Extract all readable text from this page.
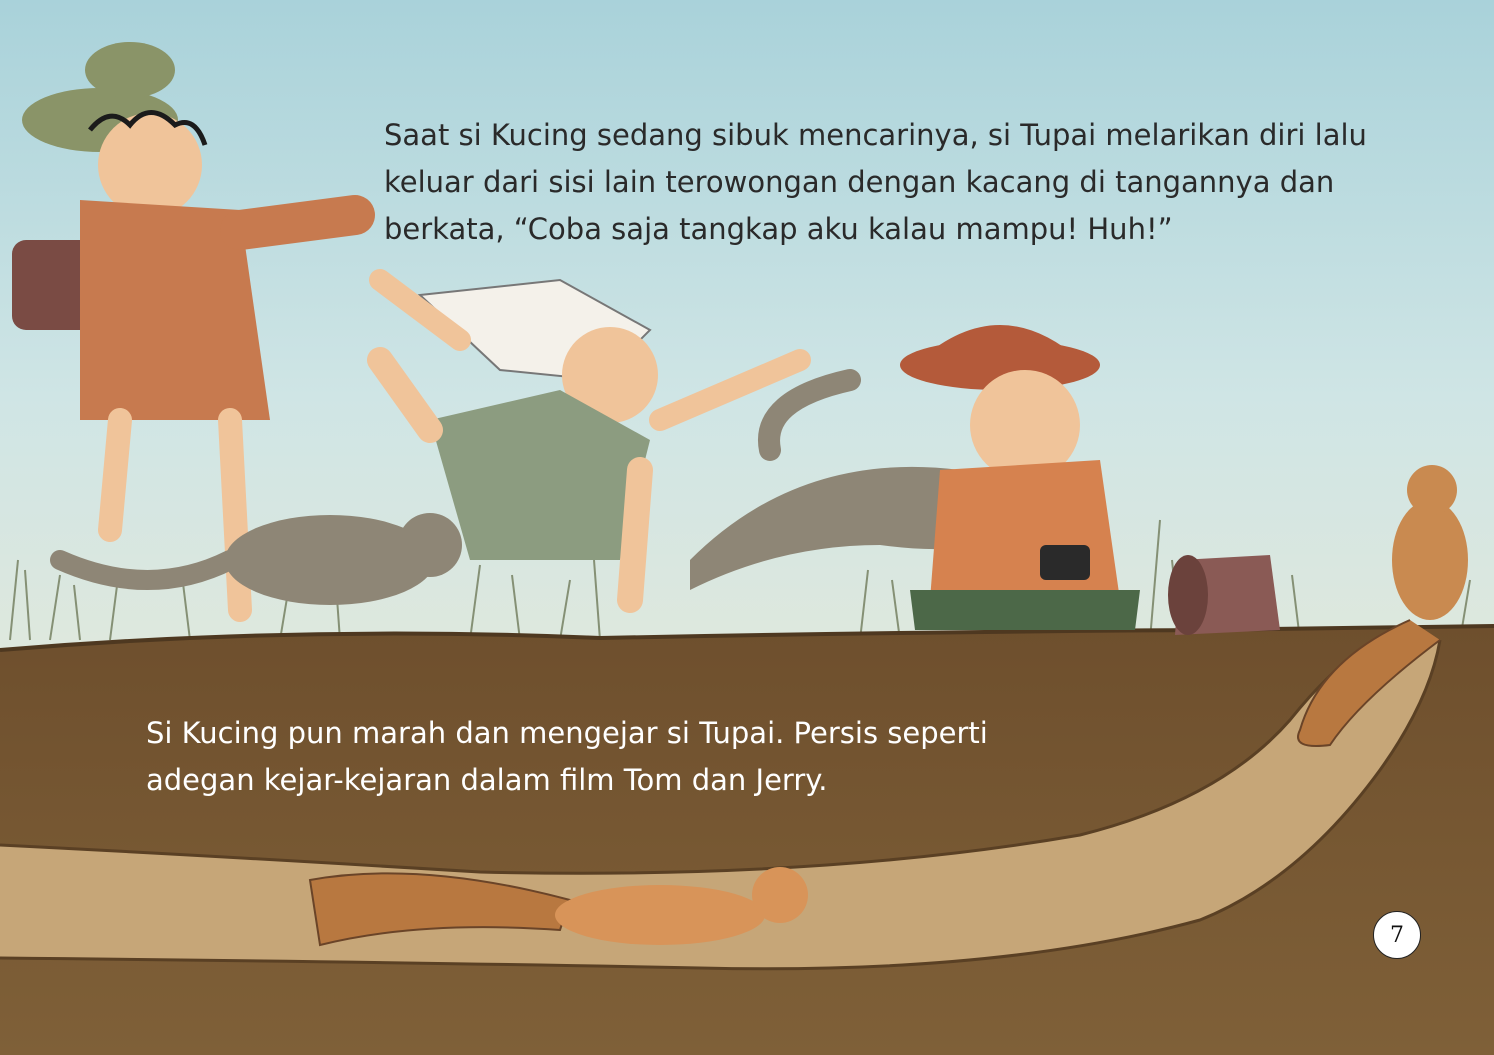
Saat si Kucing sedang sibuk mencarinya, si Tupai melarikan diri lalu keluar dari sisi lain terowongan dengan kacang di tangannya dan berkata, “Coba saja tangkap aku kalau mampu! Huh!”

Si Kucing pun marah dan mengejar si Tupai. Persis seperti adegan kejar-kejaran dalam film Tom dan Jerry.

7
